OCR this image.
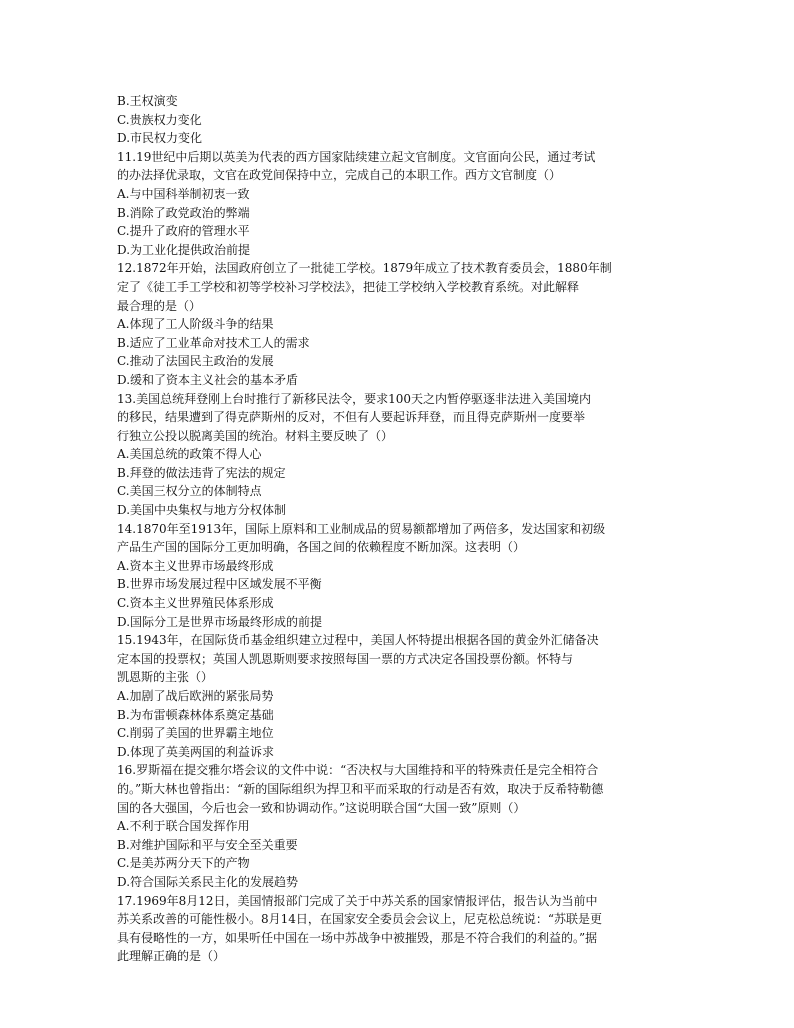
B.王权演变
C.贵族权力变化
D.市民权力变化
11.19世纪中后期以英美为代表的西方国家陆续建立起文官制度。文官面向公民，通过考试
的办法择优录取，文官在政党间保持中立，完成自己的本职工作。西方文官制度（）
A.与中国科举制初衷一致
B.消除了政党政治的弊端
C.提升了政府的管理水平
D.为工业化提供政治前提
12.1872年开始，法国政府创立了一批徒工学校。1879年成立了技术教育委员会，1880年制
定了《徒工手工学校和初等学校补习学校法》，把徒工学校纳入学校教育系统。对此解释
最合理的是（）
A.体现了工人阶级斗争的结果
B.适应了工业革命对技术工人的需求
C.推动了法国民主政治的发展
D.缓和了资本主义社会的基本矛盾
13.美国总统拜登刚上台时推行了新移民法令，要求100天之内暂停驱逐非法进入美国境内
的移民，结果遭到了得克萨斯州的反对，不但有人要起诉拜登，而且得克萨斯州一度要举
行独立公投以脱离美国的统治。材料主要反映了（）
A.美国总统的政策不得人心
B.拜登的做法违背了宪法的规定
C.美国三权分立的体制特点
D.美国中央集权与地方分权体制
14.1870年至1913年，国际上原料和工业制成品的贸易额都增加了两倍多，发达国家和初级
产品生产国的国际分工更加明确，各国之间的依赖程度不断加深。这表明（）
A.资本主义世界市场最终形成
B.世界市场发展过程中区域发展不平衡
C.资本主义世界殖民体系形成
D.国际分工是世界市场最终形成的前提
15.1943年，在国际货币基金组织建立过程中，美国人怀特提出根据各国的黄金外汇储备决
定本国的投票权；英国人凯恩斯则要求按照每国一票的方式决定各国投票份额。怀特与
凯恩斯的主张（）
A.加剧了战后欧洲的紧张局势
B.为布雷顿森林体系奠定基础
C.削弱了美国的世界霸主地位
D.体现了英美两国的利益诉求
16.罗斯福在提交雅尔塔会议的文件中说：“否决权与大国维持和平的特殊责任是完全相符合
的。”斯大林也曾指出：“新的国际组织为捍卫和平而采取的行动是否有效，取决于反希特勒德
国的各大强国，今后也会一致和协调动作。”这说明联合国“大国一致”原则（）
A.不利于联合国发挥作用
B.对维护国际和平与安全至关重要
C.是美苏两分天下的产物
D.符合国际关系民主化的发展趋势
17.1969年8月12日，美国情报部门完成了关于中苏关系的国家情报评估，报告认为当前中
苏关系改善的可能性极小。8月14日，在国家安全委员会会议上，尼克松总统说：“苏联是更
具有侵略性的一方，如果听任中国在一场中苏战争中被摧毁，那是不符合我们的利益的。”据
此理解正确的是（）
